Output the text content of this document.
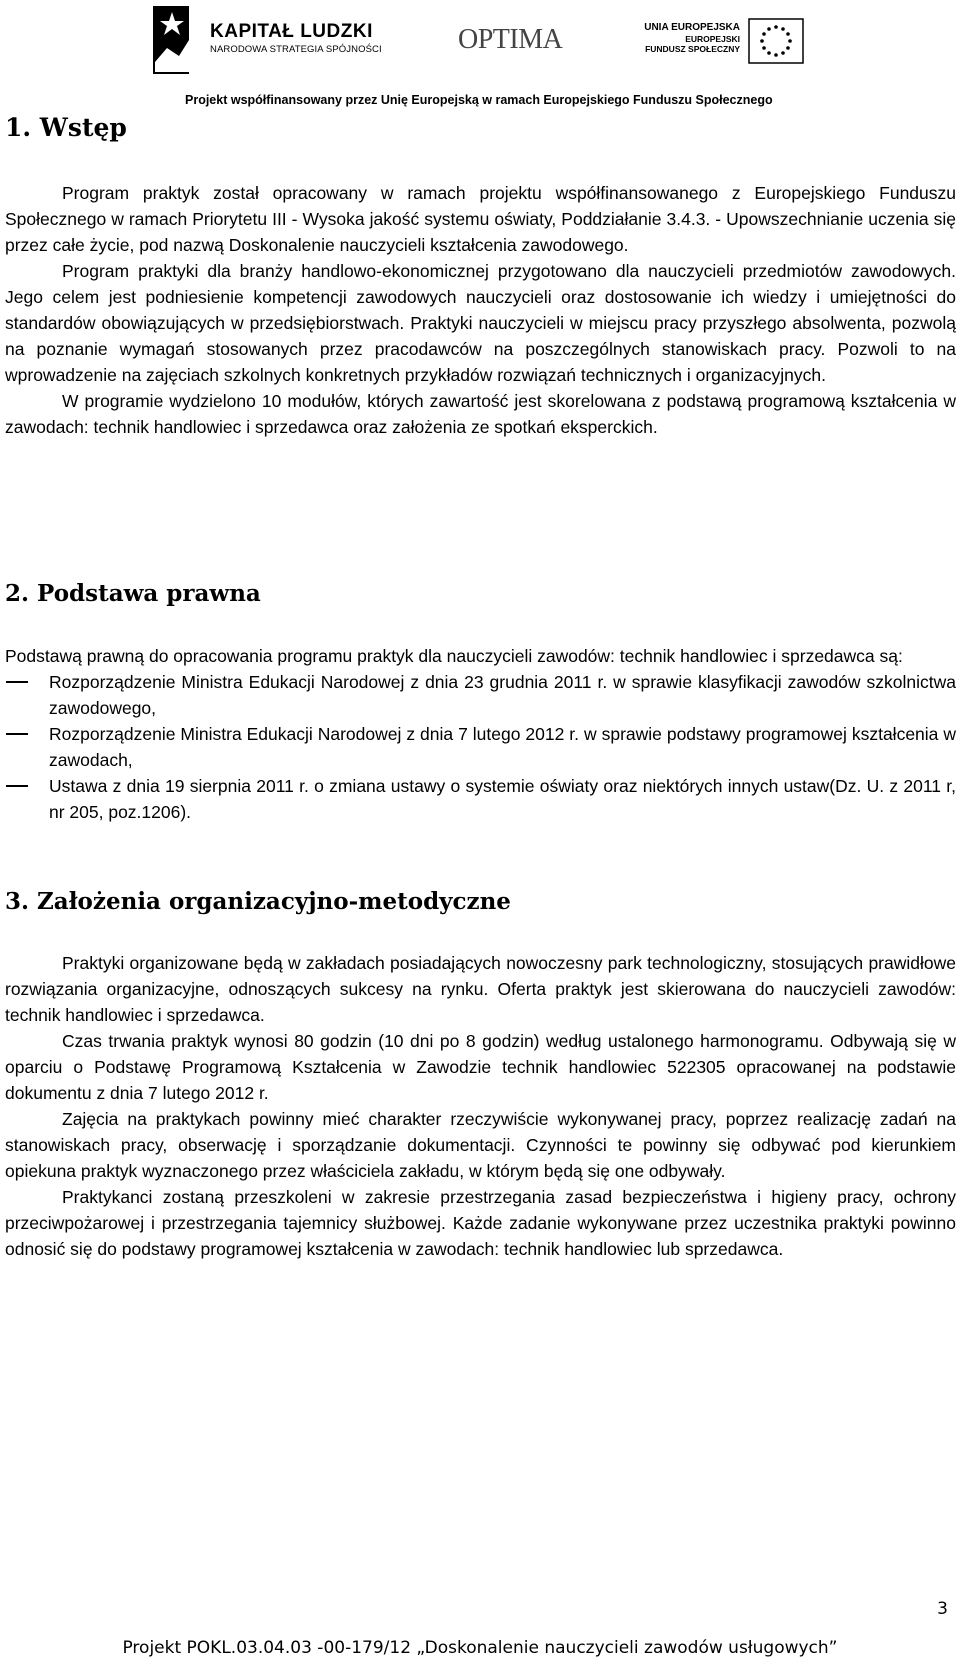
KAPITAŁ LUDZKI
NARODOWA STRATEGIA SPÓJNOŚCI	OPTIMA	UNIA EUROPEJSKA
EUROPEJSKI
FUNDUSZ SPOŁECZNY
Projekt współfinansowany przez Unię Europejską w ramach Europejskiego Funduszu Społecznego
1. Wstęp

Program praktyk został opracowany w ramach projektu współfinansowanego z Europejskiego Funduszu Społecznego w ramach Priorytetu III - Wysoka jakość systemu oświaty, Poddziałanie 3.4.3. - Upowszechnianie uczenia się przez całe życie, pod nazwą Doskonalenie nauczycieli kształcenia zawodowego.

Program praktyki dla branży handlowo-ekonomicznej przygotowano dla nauczycieli przedmiotów zawodowych. Jego celem jest podniesienie kompetencji zawodowych nauczycieli oraz dostosowanie ich wiedzy i umiejętności do standardów obowiązujących w przedsiębiorstwach. Praktyki nauczycieli w miejscu pracy przyszłego absolwenta, pozwolą na poznanie wymagań stosowanych przez pracodawców na poszczególnych stanowiskach pracy. Pozwoli to na wprowadzenie na zajęciach szkolnych konkretnych przykładów rozwiązań technicznych i organizacyjnych.

W programie wydzielono 10 modułów, których zawartość jest skorelowana z podstawą programową kształcenia w zawodach: technik handlowiec i sprzedawca oraz założenia ze spotkań eksperckich.

2. Podstawa prawna

Podstawą prawną do opracowania programu praktyk dla nauczycieli zawodów: technik handlowiec i sprzedawca są:

Rozporządzenie Ministra Edukacji Narodowej z dnia 23 grudnia 2011 r. w sprawie klasyfikacji zawodów szkolnictwa zawodowego,
Rozporządzenie Ministra Edukacji Narodowej z dnia 7 lutego 2012 r. w sprawie podstawy programowej kształcenia w zawodach,
Ustawa z dnia 19 sierpnia 2011 r. o zmiana ustawy o systemie oświaty oraz niektórych innych ustaw(Dz. U. z 2011 r, nr 205, poz.1206).
3. Założenia organizacyjno-metodyczne

Praktyki organizowane będą w zakładach posiadających nowoczesny park technologiczny, stosujących prawidłowe rozwiązania organizacyjne, odnoszących sukcesy na rynku. Oferta praktyk jest skierowana do nauczycieli zawodów: technik handlowiec i sprzedawca.

Czas trwania praktyk wynosi 80 godzin (10 dni po 8 godzin) według ustalonego harmonogramu. Odbywają się w oparciu o Podstawę Programową Kształcenia w Zawodzie technik handlowiec 522305 opracowanej na podstawie dokumentu z dnia 7 lutego 2012 r.

Zajęcia na praktykach powinny mieć charakter rzeczywiście wykonywanej pracy, poprzez realizację zadań na stanowiskach pracy, obserwację i sporządzanie dokumentacji. Czynności te powinny się odbywać pod kierunkiem opiekuna praktyk wyznaczonego przez właściciela zakładu, w którym będą się one odbywały.

Praktykanci zostaną przeszkoleni w zakresie przestrzegania zasad bezpieczeństwa i higieny pracy, ochrony przeciwpożarowej i przestrzegania tajemnicy służbowej. Każde zadanie wykonywane przez uczestnika praktyki powinno odnosić się do podstawy programowej kształcenia w zawodach: technik handlowiec lub sprzedawca.

3
Projekt POKL.03.04.03 -00-179/12 „Doskonalenie nauczycieli zawodów usługowych”
